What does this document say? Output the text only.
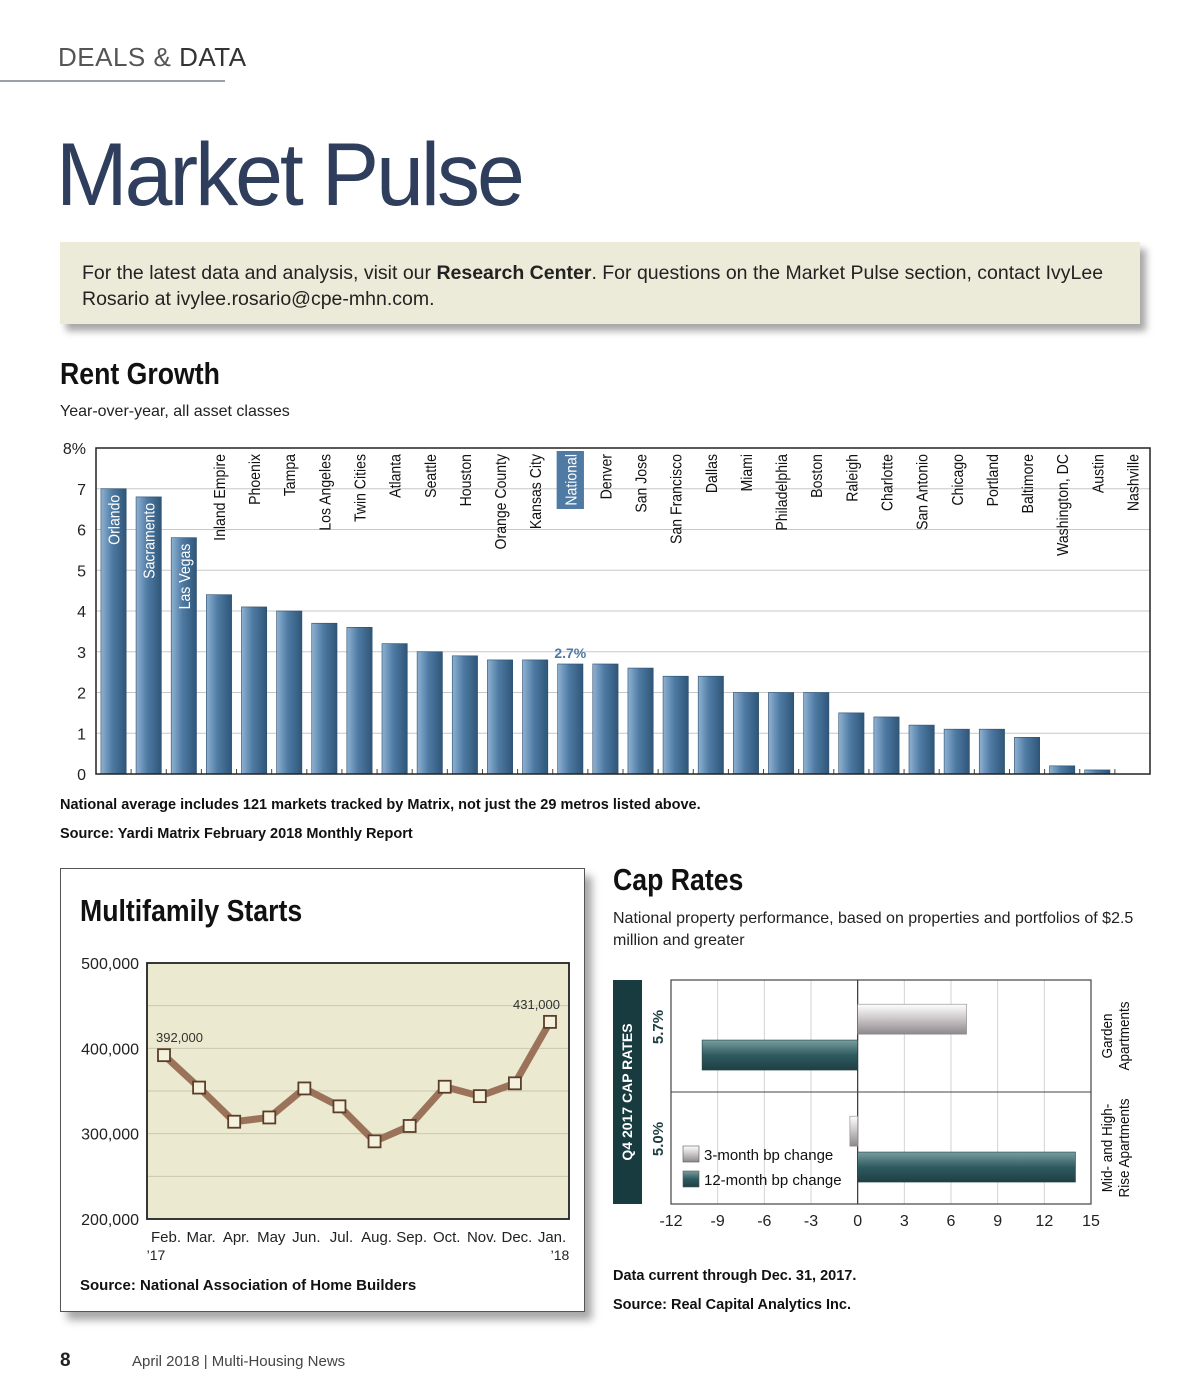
DEALS & DATA
Market Pulse
For the latest data and analysis, visit our Research Center. For questions on the Market Pulse section, contact IvyLee Rosario at ivylee.rosario@cpe-mhn.com.
Rent Growth
Year-over-year, all asset classes
0
1
2
3
4
5
6
7
8%
Orlando Sacramento Las Vegas
Inland Empire Phoenix Tampa Los Angeles Twin Cities Atlanta Seattle Houston Orange County Kansas City National
2.7%
Denver San Jose San Francisco Dallas Miami Philadelphia Boston Raleigh Charlotte San Antonio Chicago Portland Baltimore Washington, DC Austin Nashville
National average includes 121 markets tracked by Matrix, not just the 29 metros listed above.
Source: Yardi Matrix February 2018 Monthly Report
Multifamily Starts
200,000
300,000
400,000
500,000
392,000
431,000
Feb.
’17
Mar. Apr. May Jun. Jul. Aug. Sep. Oct. Nov. Dec. Jan.
’18
Source: National Association of Home Builders
Cap Rates
National property performance, based on properties and portfolios of $2.5 million and greater
Q4 2017 CAP RATES
-12 -9 -6 -3 0 3 6 9 12 15
5.7%	Garden Apartments
5.0%	Mid- and High- Rise Apartments
3-month bp change
12-month bp change
Data current through Dec. 31, 2017.
Source: Real Capital Analytics Inc.
8	April 2018 | Multi-Housing News
